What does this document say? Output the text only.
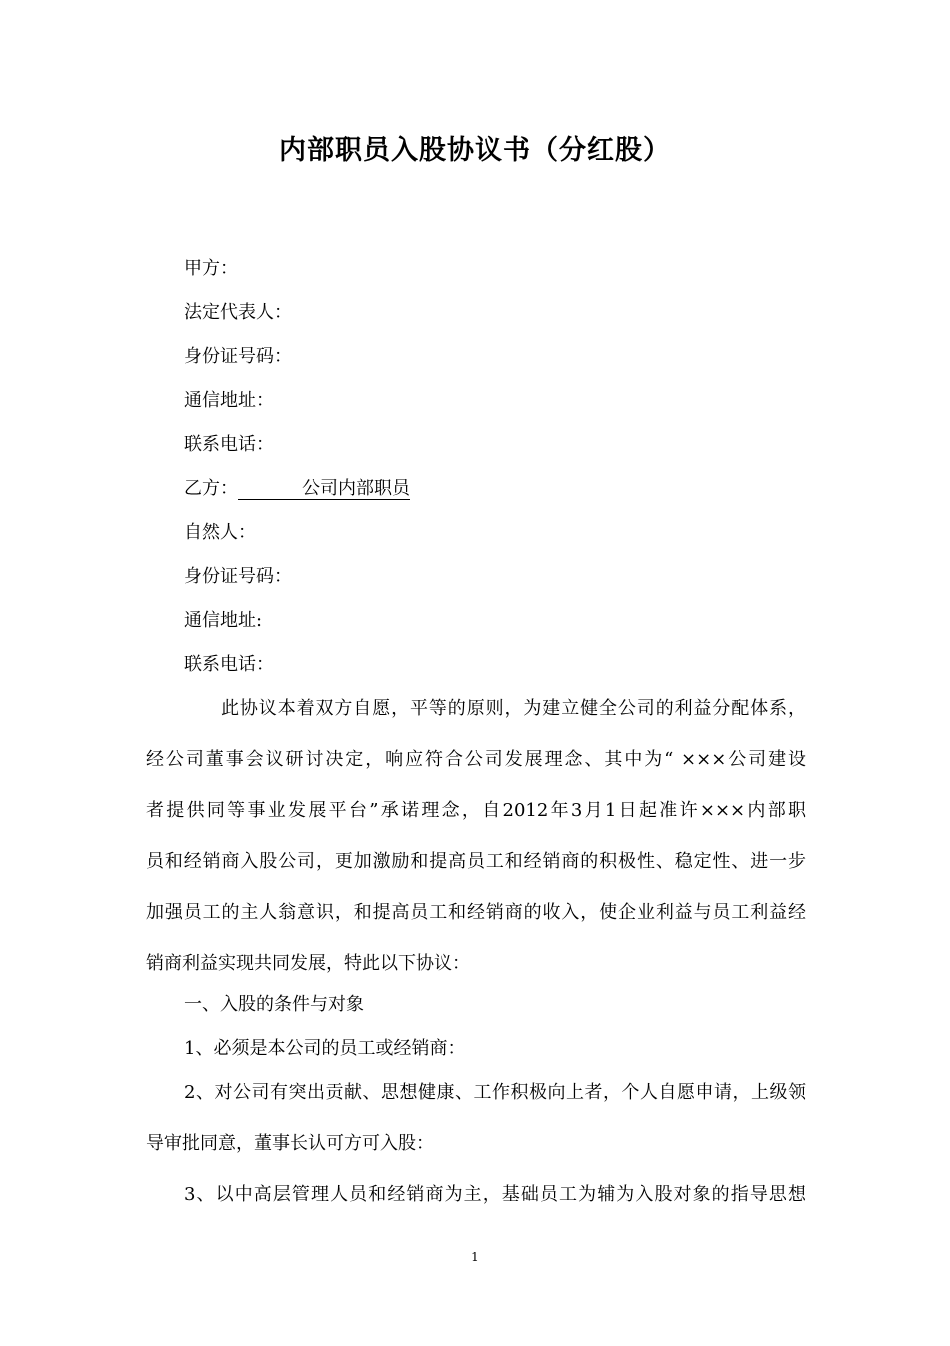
内部职员入股协议书（分红股）
甲方：
法定代表人：
身份证号码：
通信地址：
联系电话：
乙方：	公司内部职员
自然人：
身份证号码：
通信地址:
联系电话：
此协议本着双方自愿，平等的原则，为建立健全公司的利益分配体系，
经公司董事会议研讨决定，响应符合公司发展理念、其中为“ ×××公司建设
者提供同等事业发展平台”承诺理念，自2012年3月1日起准许×××内部职
员和经销商入股公司，更加激励和提高员工和经销商的积极性、稳定性、进一步
加强员工的主人翁意识，和提高员工和经销商的收入，使企业利益与员工利益经
销商利益实现共同发展，特此以下协议：
一、入股的条件与对象
1、必须是本公司的员工或经销商：
2、对公司有突出贡献、思想健康、工作积极向上者，个人自愿申请，上级领
导审批同意，董事长认可方可入股：
3、以中高层管理人员和经销商为主，基础员工为辅为入股对象的指导思想
1
